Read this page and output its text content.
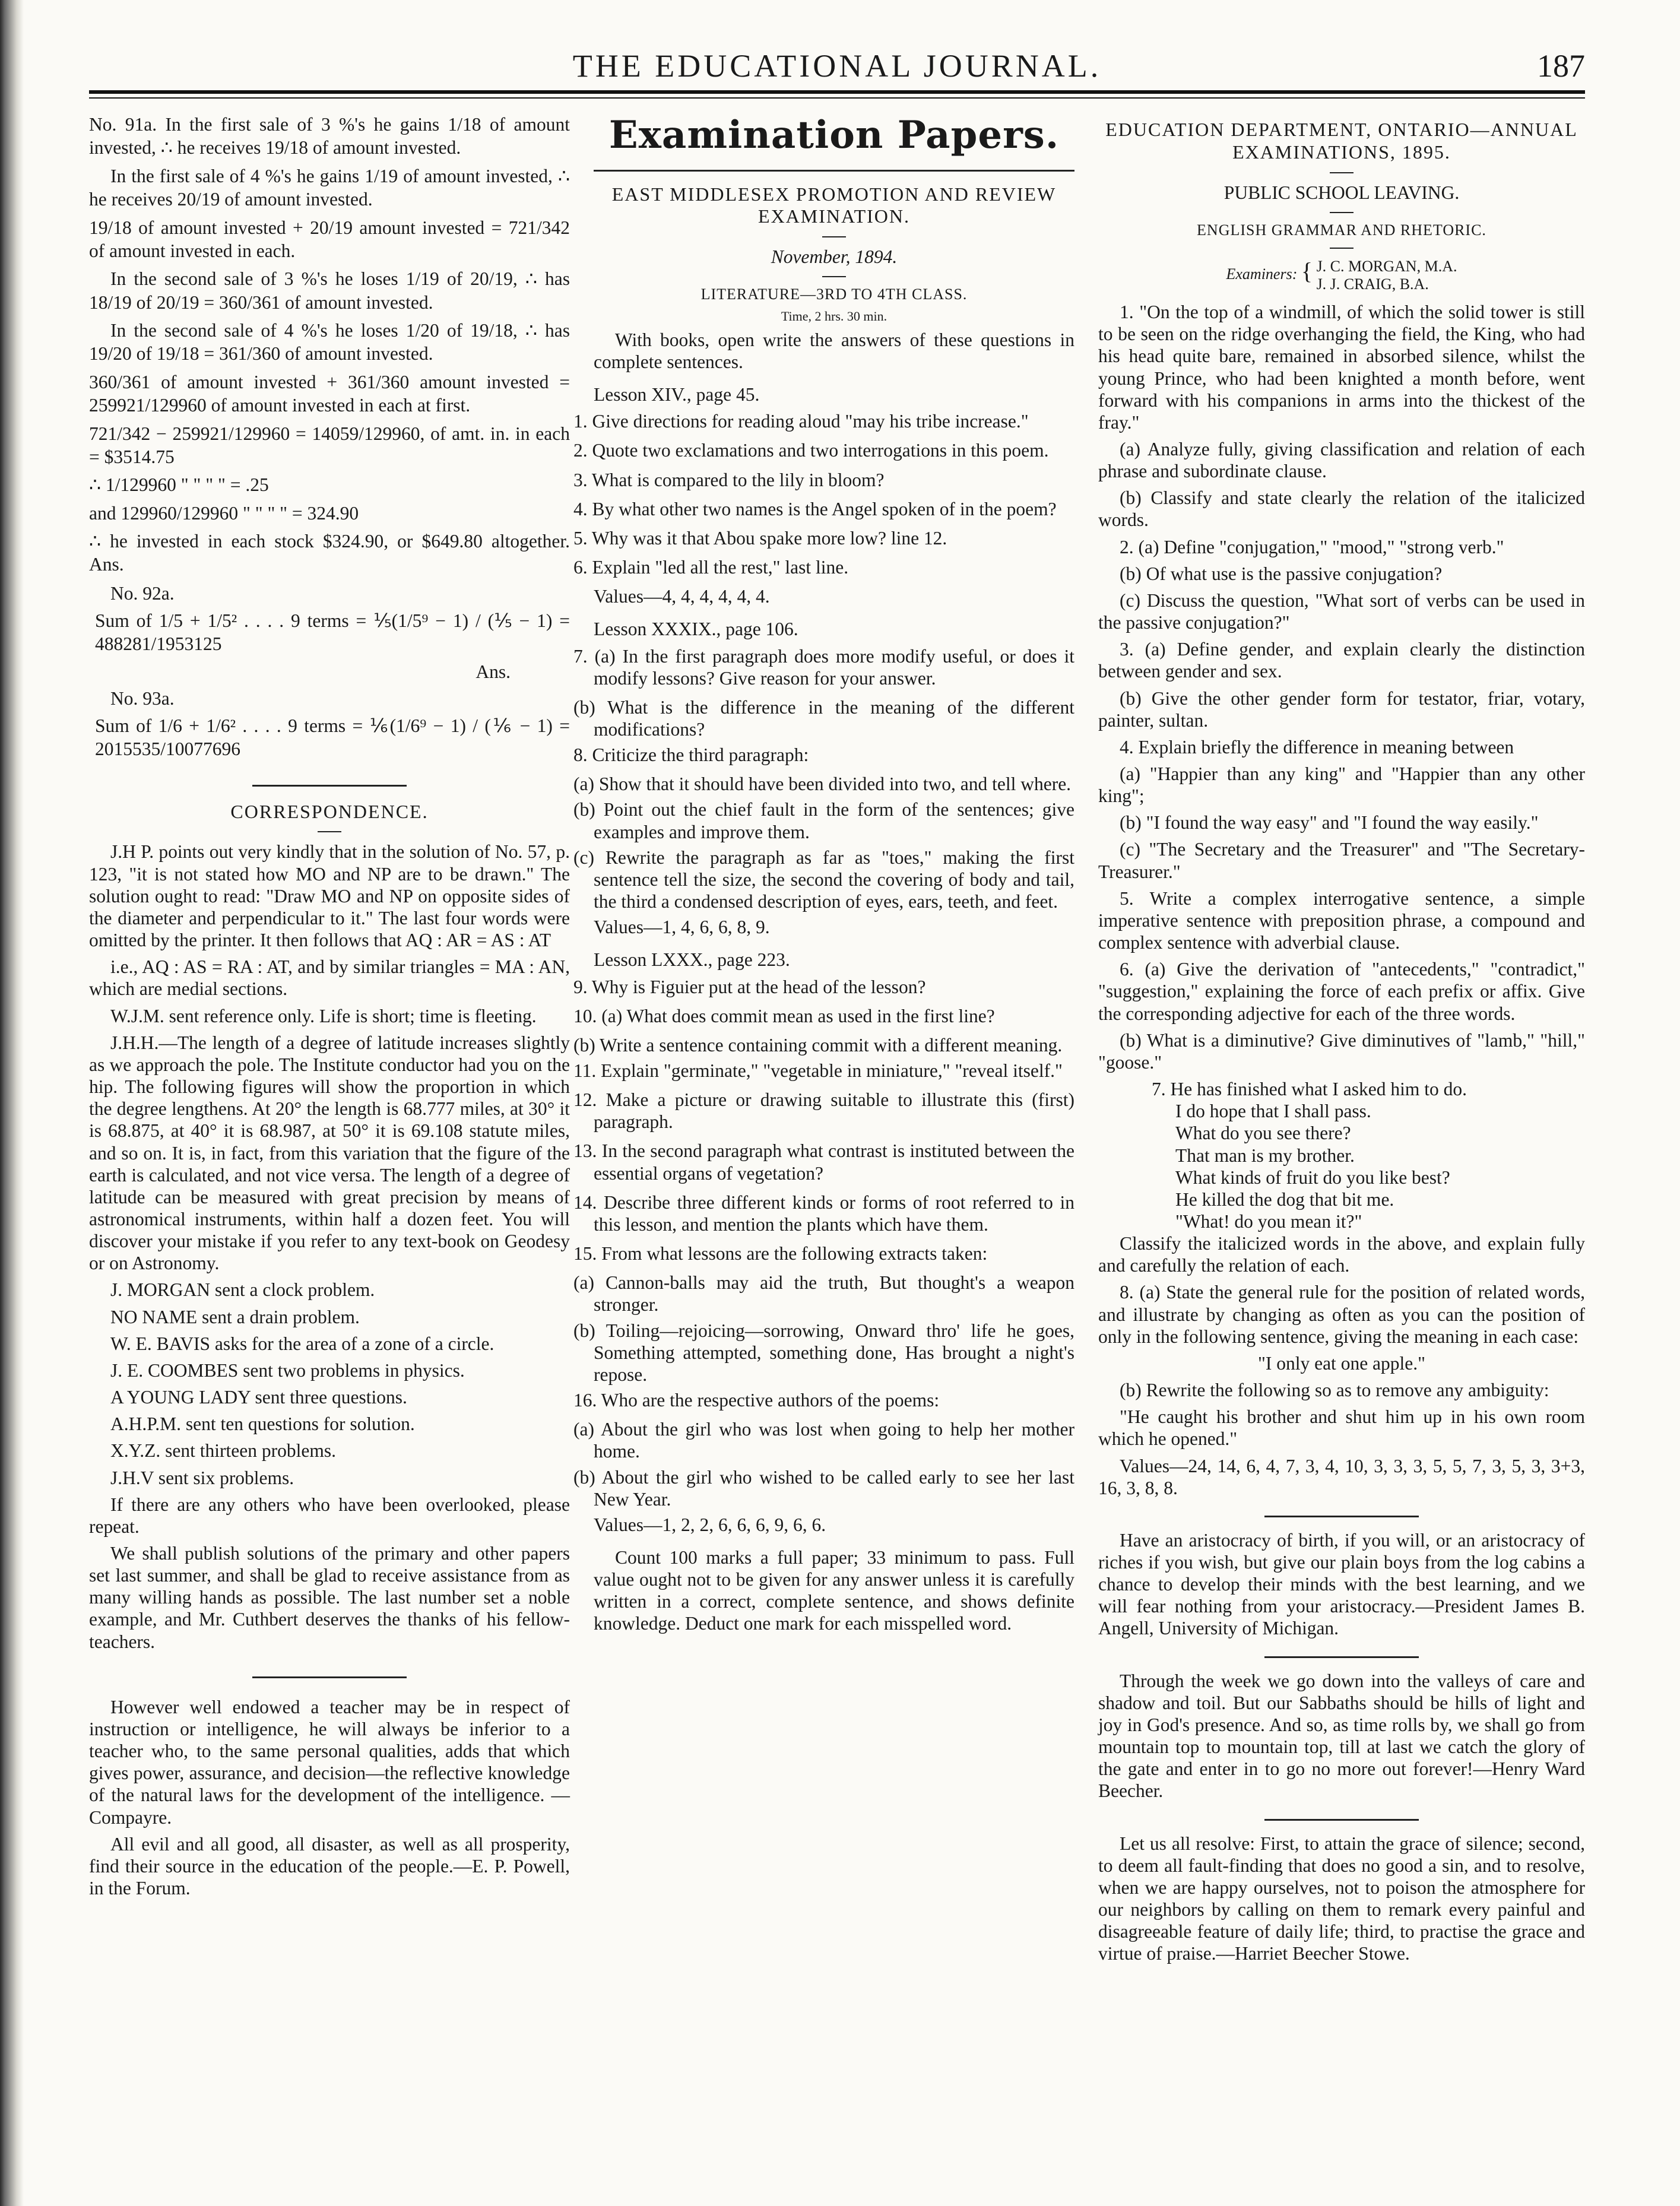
THE EDUCATIONAL JOURNAL.	187

No. 91a. In the first sale of 3 %'s he gains 1/18 of amount invested, ∴ he receives 19/18 of amount invested.

In the first sale of 4 %'s he gains 1/19 of amount invested, ∴ he receives 20/19 of amount invested.

19/18 of amount invested + 20/19 amount invested = 721/342 of amount invested in each.

In the second sale of 3 %'s he loses 1/19 of 20/19, ∴ has 18/19 of 20/19 = 360/361 of amount invested.

In the second sale of 4 %'s he loses 1/20 of 19/18, ∴ has 19/20 of 19/18 = 361/360 of amount invested.

360/361 of amount invested + 361/360 amount invested = 259921/129960 of amount invested in each at first.

721/342 − 259921/129960 = 14059/129960, of amt. in. in each = $3514.75

∴ 1/129960 " " " " = .25

and 129960/129960 " " " " = 324.90

∴ he invested in each stock $324.90, or $649.80 altogether. Ans.

No. 92a.

Sum of 1/5 + 1/5² . . . . 9 terms = ⅕(1/5⁹ − 1) / (⅕ − 1) = 488281/1953125

Ans.

No. 93a.

Sum of 1/6 + 1/6² . . . . 9 terms = ⅙(1/6⁹ − 1) / (⅙ − 1) = 2015535/10077696

CORRESPONDENCE.

J.H P. points out very kindly that in the solution of No. 57, p. 123, "it is not stated how MO and NP are to be drawn." The solution ought to read: "Draw MO and NP on opposite sides of the diameter and perpendicular to it." The last four words were omitted by the printer. It then follows that AQ : AR = AS : AT

i.e., AQ : AS = RA : AT, and by similar triangles = MA : AN, which are medial sections.

W.J.M. sent reference only. Life is short; time is fleeting.

J.H.H.—The length of a degree of latitude increases slightly as we approach the pole. The Institute conductor had you on the hip. The following figures will show the proportion in which the degree lengthens. At 20° the length is 68.777 miles, at 30° it is 68.875, at 40° it is 68.987, at 50° it is 69.108 statute miles, and so on. It is, in fact, from this variation that the figure of the earth is calculated, and not vice versa. The length of a degree of latitude can be measured with great precision by means of astronomical instruments, within half a dozen feet. You will discover your mistake if you refer to any text-book on Geodesy or on Astronomy.

J. MORGAN sent a clock problem.

NO NAME sent a drain problem.

W. E. BAVIS asks for the area of a zone of a circle.

J. E. COOMBES sent two problems in physics.

A YOUNG LADY sent three questions.

A.H.P.M. sent ten questions for solution.

X.Y.Z. sent thirteen problems.

J.H.V sent six problems.

If there are any others who have been overlooked, please repeat.

We shall publish solutions of the primary and other papers set last summer, and shall be glad to receive assistance from as many willing hands as possible. The last number set a noble example, and Mr. Cuthbert deserves the thanks of his fellow-teachers.

However well endowed a teacher may be in respect of instruction or intelligence, he will always be inferior to a teacher who, to the same personal qualities, adds that which gives power, assurance, and decision—the reflective knowledge of the natural laws for the development of the intelligence. — Compayre.

All evil and all good, all disaster, as well as all prosperity, find their source in the education of the people.—E. P. Powell, in the Forum.

Examination Papers.

EAST MIDDLESEX PROMOTION AND REVIEW EXAMINATION.

November, 1894.

LITERATURE—3RD TO 4TH CLASS.

Time, 2 hrs. 30 min.

With books, open write the answers of these questions in complete sentences.

Lesson XIV., page 45.

1. Give directions for reading aloud "may his tribe increase."

2. Quote two exclamations and two interrogations in this poem.

3. What is compared to the lily in bloom?

4. By what other two names is the Angel spoken of in the poem?

5. Why was it that Abou spake more low? line 12.

6. Explain "led all the rest," last line.

Values—4, 4, 4, 4, 4, 4.

Lesson XXXIX., page 106.

7. (a) In the first paragraph does more modify useful, or does it modify lessons? Give reason for your answer.

(b) What is the difference in the meaning of the different modifications?

8. Criticize the third paragraph:

(a) Show that it should have been divided into two, and tell where.

(b) Point out the chief fault in the form of the sentences; give examples and improve them.

(c) Rewrite the paragraph as far as "toes," making the first sentence tell the size, the second the covering of body and tail, the third a condensed description of eyes, ears, teeth, and feet.

Values—1, 4, 6, 6, 8, 9.

Lesson LXXX., page 223.

9. Why is Figuier put at the head of the lesson?

10. (a) What does commit mean as used in the first line?

(b) Write a sentence containing commit with a different meaning.

11. Explain "germinate," "vegetable in miniature," "reveal itself."

12. Make a picture or drawing suitable to illustrate this (first) paragraph.

13. In the second paragraph what contrast is instituted between the essential organs of vegetation?

14. Describe three different kinds or forms of root referred to in this lesson, and mention the plants which have them.

15. From what lessons are the following extracts taken:

(a) Cannon-balls may aid the truth, But thought's a weapon stronger.

(b) Toiling—rejoicing—sorrowing, Onward thro' life he goes, Something attempted, something done, Has brought a night's repose.

16. Who are the respective authors of the poems:

(a) About the girl who was lost when going to help her mother home.

(b) About the girl who wished to be called early to see her last New Year.

Values—1, 2, 2, 6, 6, 6, 9, 6, 6.

Count 100 marks a full paper; 33 minimum to pass. Full value ought not to be given for any answer unless it is carefully written in a correct, complete sentence, and shows definite knowledge. Deduct one mark for each misspelled word.

EDUCATION DEPARTMENT, ONTARIO—ANNUAL EXAMINATIONS, 1895.

PUBLIC SCHOOL LEAVING.

ENGLISH GRAMMAR AND RHETORIC.

Examiners: { J. C. MORGAN, M.A.
J. J. CRAIG, B.A.

1. "On the top of a windmill, of which the solid tower is still to be seen on the ridge overhanging the field, the King, who had his head quite bare, remained in absorbed silence, whilst the young Prince, who had been knighted a month before, went forward with his companions in arms into the thickest of the fray."

(a) Analyze fully, giving classification and relation of each phrase and subordinate clause.

(b) Classify and state clearly the relation of the italicized words.

2. (a) Define "conjugation," "mood," "strong verb."

(b) Of what use is the passive conjugation?

(c) Discuss the question, "What sort of verbs can be used in the passive conjugation?"

3. (a) Define gender, and explain clearly the distinction between gender and sex.

(b) Give the other gender form for testator, friar, votary, painter, sultan.

4. Explain briefly the difference in meaning between

(a) "Happier than any king" and "Happier than any other king";

(b) "I found the way easy" and "I found the way easily."

(c) "The Secretary and the Treasurer" and "The Secretary-Treasurer."

5. Write a complex interrogative sentence, a simple imperative sentence with preposition phrase, a compound and complex sentence with adverbial clause.

6. (a) Give the derivation of "antecedents," "contradict," "suggestion," explaining the force of each prefix or affix. Give the corresponding adjective for each of the three words.

(b) What is a diminutive? Give diminutives of "lamb," "hill," "goose."

7. He has finished what I asked him to do.
I do hope that I shall pass.
What do you see there?
That man is my brother.
What kinds of fruit do you like best?
He killed the dog that bit me.
"What! do you mean it?"

Classify the italicized words in the above, and explain fully and carefully the relation of each.

8. (a) State the general rule for the position of related words, and illustrate by changing as often as you can the position of only in the following sentence, giving the meaning in each case:

"I only eat one apple."

(b) Rewrite the following so as to remove any ambiguity:

"He caught his brother and shut him up in his own room which he opened."

Values—24, 14, 6, 4, 7, 3, 4, 10, 3, 3, 3, 5, 5, 7, 3, 5, 3, 3+3, 16, 3, 8, 8.

Have an aristocracy of birth, if you will, or an aristocracy of riches if you wish, but give our plain boys from the log cabins a chance to develop their minds with the best learning, and we will fear nothing from your aristocracy.—President James B. Angell, University of Michigan.

Through the week we go down into the valleys of care and shadow and toil. But our Sabbaths should be hills of light and joy in God's presence. And so, as time rolls by, we shall go from mountain top to mountain top, till at last we catch the glory of the gate and enter in to go no more out forever!—Henry Ward Beecher.

Let us all resolve: First, to attain the grace of silence; second, to deem all fault-finding that does no good a sin, and to resolve, when we are happy ourselves, not to poison the atmosphere for our neighbors by calling on them to remark every painful and disagreeable feature of daily life; third, to practise the grace and virtue of praise.—Harriet Beecher Stowe.
